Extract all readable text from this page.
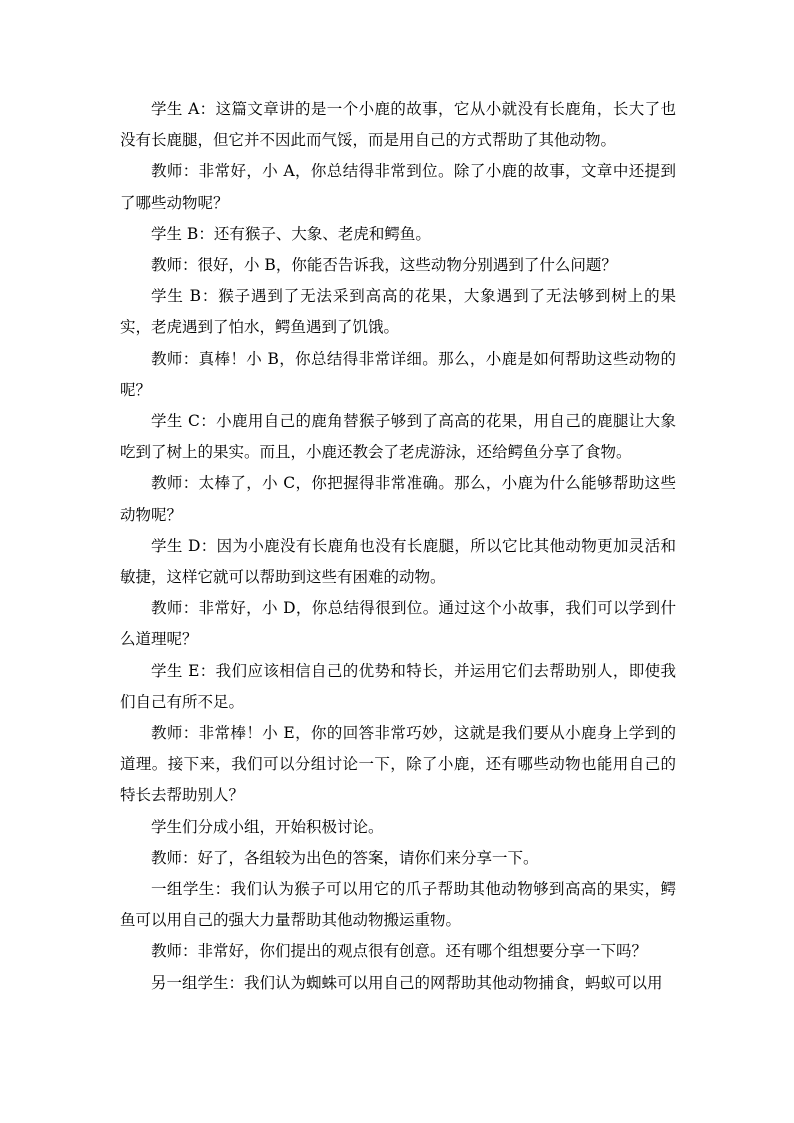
学生 A：这篇文章讲的是一个小鹿的故事，它从小就没有长鹿角，长大了也没有长鹿腿，但它并不因此而气馁，而是用自己的方式帮助了其他动物。

教师：非常好，小 A，你总结得非常到位。除了小鹿的故事，文章中还提到了哪些动物呢？

学生 B：还有猴子、大象、老虎和鳄鱼。

教师：很好，小 B，你能否告诉我，这些动物分别遇到了什么问题？

学生 B：猴子遇到了无法采到高高的花果，大象遇到了无法够到树上的果实，老虎遇到了怕水，鳄鱼遇到了饥饿。

教师：真棒！小 B，你总结得非常详细。那么，小鹿是如何帮助这些动物的呢？

学生 C：小鹿用自己的鹿角替猴子够到了高高的花果，用自己的鹿腿让大象吃到了树上的果实。而且，小鹿还教会了老虎游泳，还给鳄鱼分享了食物。

教师：太棒了，小 C，你把握得非常准确。那么，小鹿为什么能够帮助这些动物呢？

学生 D：因为小鹿没有长鹿角也没有长鹿腿，所以它比其他动物更加灵活和敏捷，这样它就可以帮助到这些有困难的动物。

教师：非常好，小 D，你总结得很到位。通过这个小故事，我们可以学到什么道理呢？

学生 E：我们应该相信自己的优势和特长，并运用它们去帮助别人，即使我们自己有所不足。

教师：非常棒！小 E，你的回答非常巧妙，这就是我们要从小鹿身上学到的道理。接下来，我们可以分组讨论一下，除了小鹿，还有哪些动物也能用自己的特长去帮助别人？

学生们分成小组，开始积极讨论。

教师：好了，各组较为出色的答案，请你们来分享一下。

一组学生：我们认为猴子可以用它的爪子帮助其他动物够到高高的果实，鳄鱼可以用自己的强大力量帮助其他动物搬运重物。

教师：非常好，你们提出的观点很有创意。还有哪个组想要分享一下吗？

另一组学生：我们认为蜘蛛可以用自己的网帮助其他动物捕食，蚂蚁可以用
